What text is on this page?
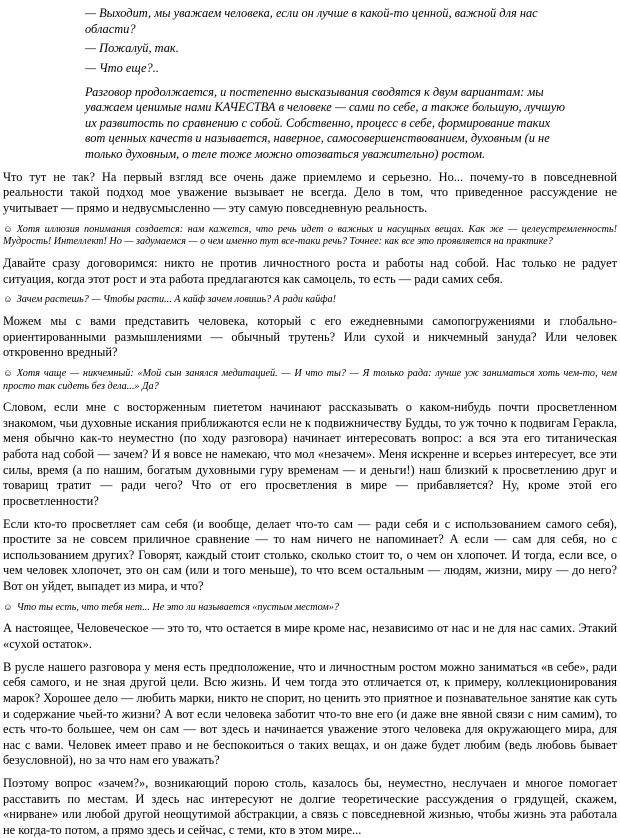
— Выходит, мы уважаем человека, если он лучше в какой-то ценной, важной для нас области?

— Пожалуй, так.

— Что еще?..

Разговор продолжается, и постепенно высказывания сводятся к двум вариантам: мы уважаем ценимые нами КАЧЕСТВА в человеке — сами по себе, а также большую, лучшую их развитость по сравнению с собой. Собственно, процесс в себе, формирование таких вот ценных качеств и называется, наверное, самосовершенствованием, духовным (и не только духовным, о теле тоже можно отозваться уважительно) ростом.

Что тут не так? На первый взгляд все очень даже приемлемо и серьезно. Но... почему-то в повседневной реальности такой подход мое уважение вызывает не всегда. Дело в том, что приведенное рассуждение не учитывает — прямо и недвусмысленно — эту самую повседневную реальность.

☺ Хотя иллюзия понимания создается: нам кажется, что речь идет о важных и насущных вещах. Как же — целеустремленность! Мудрость! Интеллект! Но — задумаемся — о чем именно тут все-таки речь? Точнее: как все это проявляется на практике?

Давайте сразу договоримся: никто не против личностного роста и работы над собой. Нас только не радует ситуация, когда этот рост и эта работа предлагаются как самоцель, то есть — ради самих себя.

☺ Зачем растешь? — Чтобы расти... А кайф зачем ловишь? А ради кайфа!

Можем мы с вами представить человека, который с его ежедневными самопогружениями и глобально-ориентированными размышлениями — обычный трутень? Или сухой и никчемный зануда? Или человек откровенно вредный?

☺ Хотя чаще — никчемный: «Мой сын занялся медитацией. — И что ты? — Я только рада: лучше уж заниматься хоть чем-то, чем просто так сидеть без дела...» Да?

Словом, если мне с восторженным пиететом начинают рассказывать о каком-нибудь почти просветленном знакомом, чьи духовные искания приближаются если не к подвижничеству Будды, то уж точно к подвигам Геракла, меня обычно как-то неуместно (по ходу разговора) начинает интересовать вопрос: а вся эта его титаническая работа над собой — зачем? И я вовсе не намекаю, что мол «незачем». Меня искренне и всерьез интересует, все эти силы, время (а по нашим, богатым духовными гуру временам — и деньги!) наш близкий к просветлению друг и товарищ тратит — ради чего? Что от его просветления в мире — прибавляется? Ну, кроме этой его просветленности?

Если кто-то просветляет сам себя (и вообще, делает что-то сам — ради себя и с использованием самого себя), простите за не совсем приличное сравнение — то нам ничего не напоминает? А если — сам для себя, но с использованием других? Говорят, каждый стоит столько, сколько стоит то, о чем он хлопочет. И тогда, если все, о чем человек хлопочет, это он сам (или и того меньше), то что всем остальным — людям, жизни, миру — до него? Вот он уйдет, выпадет из мира, и что?

☺ Что ты есть, что тебя нет... Не это ли называется «пустым местом»?

А настоящее, Человеческое — это то, что остается в мире кроме нас, независимо от нас и не для нас самих. Этакий «сухой остаток».

В русле нашего разговора у меня есть предположение, что и личностным ростом можно заниматься «в себе», ради себя самого, и не зная другой цели. Всю жизнь. И чем тогда это отличается от, к примеру, коллекционирования марок? Хорошее дело — любить марки, никто не спорит, но ценить это приятное и познавательное занятие как суть и содержание чьей-то жизни? А вот если человека заботит что-то вне его (и даже вне явной связи с ним самим), то есть что-то большее, чем он сам — вот здесь и начинается уважение этого человека для окружающего мира, для нас с вами. Человек имеет право и не беспокоиться о таких вещах, и он даже будет любим (ведь любовь бывает безусловной), но за что нам его уважать?

Поэтому вопрос «зачем?», возникающий порою столь, казалось бы, неуместно, неслучаен и многое помогает расставить по местам. И здесь нас интересуют не долгие теоретические рассуждения о грядущей, скажем, «нирване» или любой другой неощутимой абстракции, а связь с повседневной жизнью, чтобы жизнь эта работала не когда-то потом, а прямо здесь и сейчас, с теми, кто в этом мире...
